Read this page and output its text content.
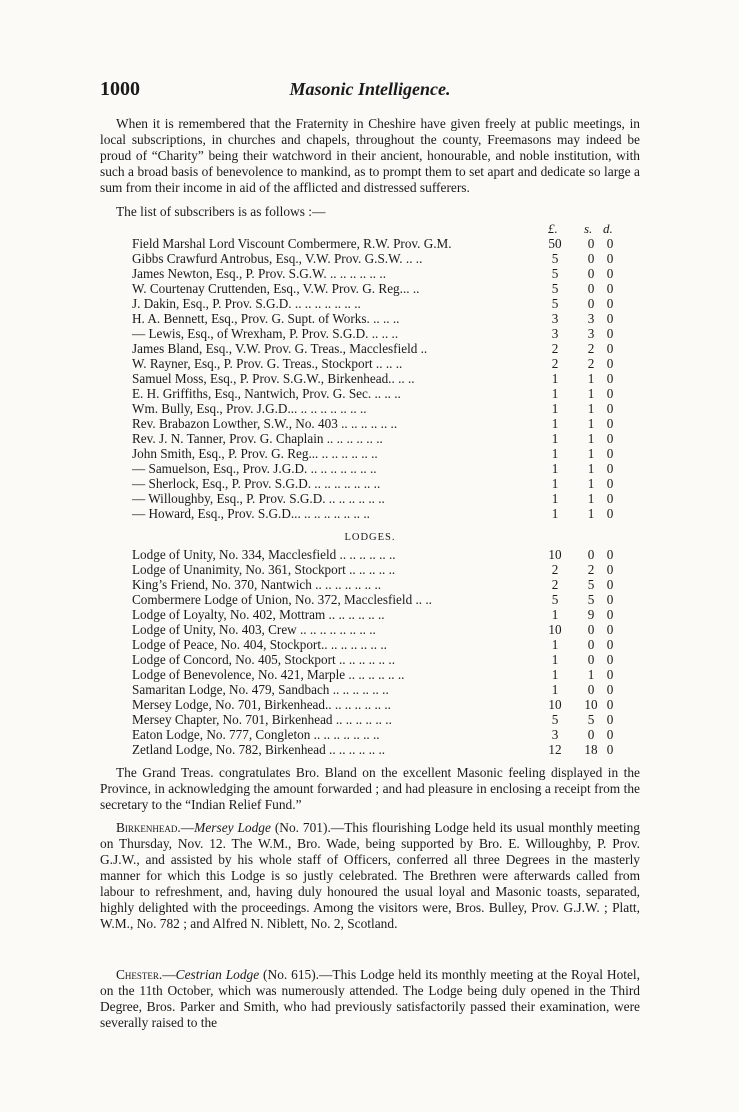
1000	Masonic Intelligence.

When it is remembered that the Fraternity in Cheshire have given freely at public meetings, in local subscriptions, in churches and chapels, throughout the county, Freemasons may indeed be proud of “Charity” being their watchword in their ancient, honourable, and noble institution, with such a broad basis of benevolence to mankind, as to prompt them to set apart and dedicate so large a sum from their income in aid of the afflicted and distressed sufferers.

The list of subscribers is as follows :—
£. s. d.
Field Marshal Lord Viscount Combermere, R.W. Prov. G.M.	50	0 0
Gibbs Crawfurd Antrobus, Esq., V.W. Prov. G.S.W. .. ..	5	0 0
James Newton, Esq., P. Prov. S.G.W. .. .. .. .. .. ..	5	0 0
W. Courtenay Cruttenden, Esq., V.W. Prov. G. Reg... ..	5	0 0
J. Dakin, Esq., P. Prov. S.G.D. .. .. .. .. .. .. ..	5	0 0
H. A. Bennett, Esq., Prov. G. Supt. of Works. .. .. ..	3	3 0
— Lewis, Esq., of Wrexham, P. Prov. S.G.D. .. .. ..	3	3 0
James Bland, Esq., V.W. Prov. G. Treas., Macclesfield ..	2	2 0
W. Rayner, Esq., P. Prov. G. Treas., Stockport .. .. ..	2	2 0
Samuel Moss, Esq., P. Prov. S.G.W., Birkenhead.. .. ..	1	1 0
E. H. Griffiths, Esq., Nantwich, Prov. G. Sec. .. .. ..	1	1 0
Wm. Bully, Esq., Prov. J.G.D... .. .. .. .. .. .. ..	1	1 0
Rev. Brabazon Lowther, S.W., No. 403 .. .. .. .. .. ..	1	1 0
Rev. J. N. Tanner, Prov. G. Chaplain .. .. .. .. .. ..	1	1 0
John Smith, Esq., P. Prov. G. Reg... .. .. .. .. .. ..	1	1 0
— Samuelson, Esq., Prov. J.G.D. .. .. .. .. .. .. ..	1	1 0
— Sherlock, Esq., P. Prov. S.G.D. .. .. .. .. .. .. ..	1	1 0
— Willoughby, Esq., P. Prov. S.G.D. .. .. .. .. .. ..	1	1 0
— Howard, Esq., Prov. S.G.D... .. .. .. .. .. .. ..	1	1 0
LODGES.
Lodge of Unity, No. 334, Macclesfield .. .. .. .. .. ..	10	0 0
Lodge of Unanimity, No. 361, Stockport .. .. .. .. ..	2	2 0
King’s Friend, No. 370, Nantwich .. .. .. .. .. .. ..	2	5 0
Combermere Lodge of Union, No. 372, Macclesfield .. ..	5	5 0
Lodge of Loyalty, No. 402, Mottram .. .. .. .. .. ..	1	9 0
Lodge of Unity, No. 403, Crew .. .. .. .. .. .. .. ..	10	0 0
Lodge of Peace, No. 404, Stockport.. .. .. .. .. .. ..	1	0 0
Lodge of Concord, No. 405, Stockport .. .. .. .. .. ..	1	0 0
Lodge of Benevolence, No. 421, Marple .. .. .. .. .. ..	1	1 0
Samaritan Lodge, No. 479, Sandbach .. .. .. .. .. ..	1	0 0
Mersey Lodge, No. 701, Birkenhead.. .. .. .. .. .. ..	10 10 0
Mersey Chapter, No. 701, Birkenhead .. .. .. .. .. ..	5	5 0
Eaton Lodge, No. 777, Congleton .. .. .. .. .. .. ..	3	0 0
Zetland Lodge, No. 782, Birkenhead .. .. .. .. .. ..	12 18 0

The Grand Treas. congratulates Bro. Bland on the excellent Masonic feeling displayed in the Province, in acknowledging the amount forwarded ; and had pleasure in enclosing a receipt from the secretary to the “Indian Relief Fund.”

Birkenhead.—Mersey Lodge (No. 701).—This flourishing Lodge held its usual monthly meeting on Thursday, Nov. 12. The W.M., Bro. Wade, being supported by Bro. E. Willoughby, P. Prov. G.J.W., and assisted by his whole staff of Officers, conferred all three Degrees in the masterly manner for which this Lodge is so justly celebrated. The Brethren were afterwards called from labour to refreshment, and, having duly honoured the usual loyal and Masonic toasts, separated, highly delighted with the proceedings. Among the visitors were, Bros. Bulley, Prov. G.J.W. ; Platt, W.M., No. 782 ; and Alfred N. Niblett, No. 2, Scotland.

Chester.—Cestrian Lodge (No. 615).—This Lodge held its monthly meeting at the Royal Hotel, on the 11th October, which was numerously attended. The Lodge being duly opened in the Third Degree, Bros. Parker and Smith, who had previously satisfactorily passed their examination, were severally raised to the
